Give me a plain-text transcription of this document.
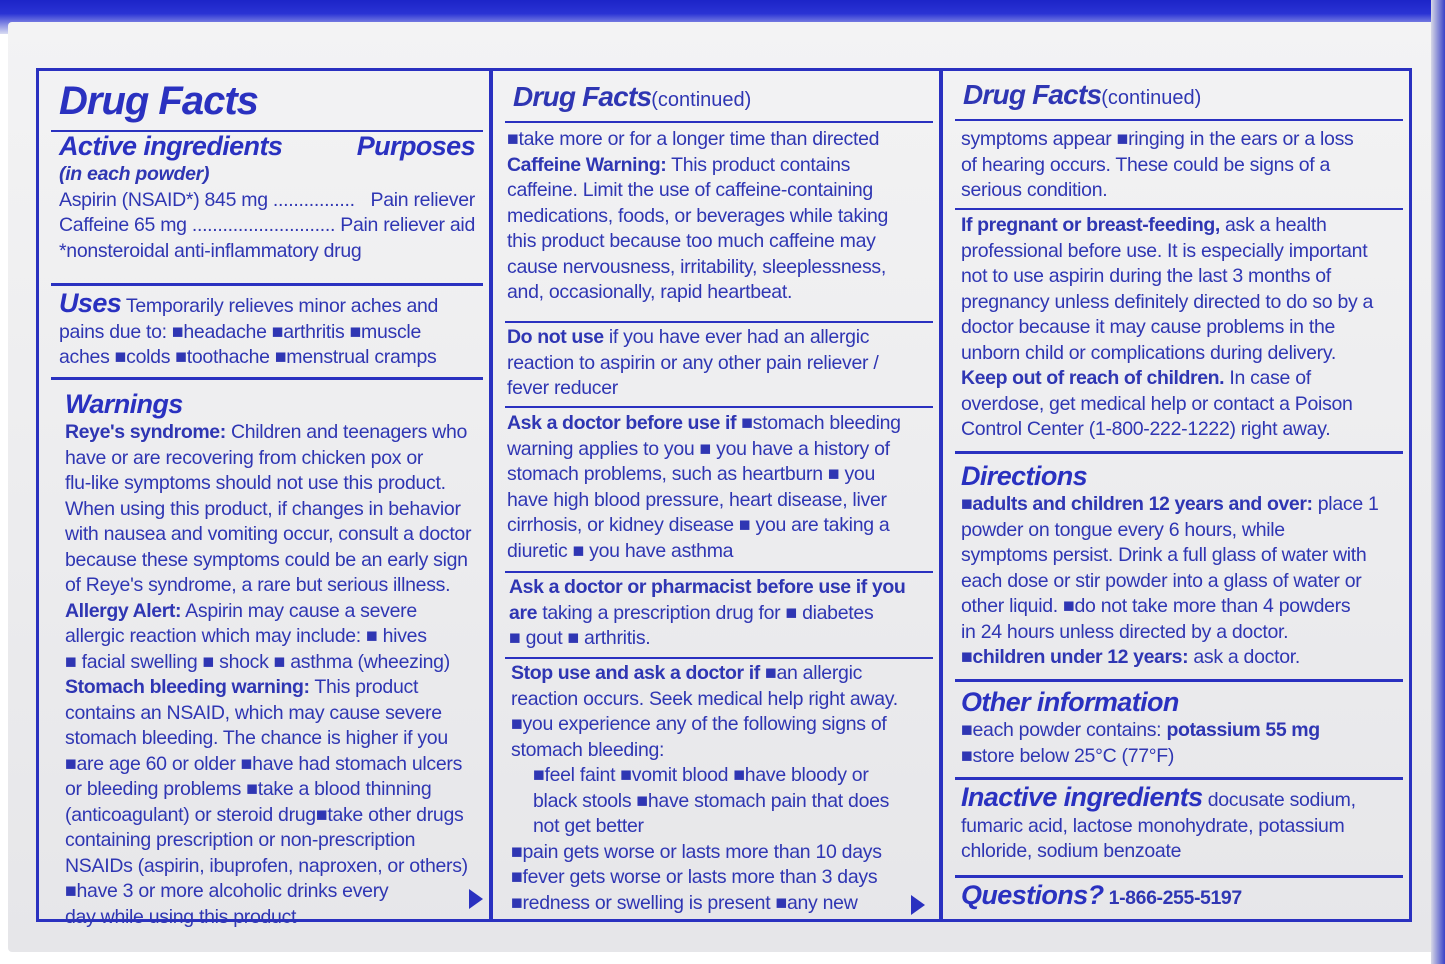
Drug Facts
Active ingredients	Purposes

(in each powder)

Aspirin (NSAID*) 845 mg ................ Pain reliever

Caffeine 65 mg ............................ Pain reliever aid

*nonsteroidal anti-inflammatory drug

Uses Temporarily relieves minor aches and

pains due to: ■headache ■arthritis ■muscle

aches ■colds ■toothache ■menstrual cramps

Warnings

Reye's syndrome: Children and teenagers who

have or are recovering from chicken pox or

flu-like symptoms should not use this product.

When using this product, if changes in behavior

with nausea and vomiting occur, consult a doctor

because these symptoms could be an early sign

of Reye's syndrome, a rare but serious illness.

Allergy Alert: Aspirin may cause a severe

allergic reaction which may include: ■ hives

■ facial swelling ■ shock ■ asthma (wheezing)

Stomach bleeding warning: This product

contains an NSAID, which may cause severe

stomach bleeding. The chance is higher if you

■are age 60 or older ■have had stomach ulcers

or bleeding problems ■take a blood thinning

(anticoagulant) or steroid drug■take other drugs

containing prescription or non-prescription

NSAIDs (aspirin, ibuprofen, naproxen, or others)

■have 3 or more alcoholic drinks every

day while using this product

Drug Facts(continued)

■take more or for a longer time than directed

Caffeine Warning: This product contains

caffeine. Limit the use of caffeine-containing

medications, foods, or beverages while taking

this product because too much caffeine may

cause nervousness, irritability, sleeplessness,

and, occasionally, rapid heartbeat.

Do not use if you have ever had an allergic

reaction to aspirin or any other pain reliever /

fever reducer

Ask a doctor before use if ■stomach bleeding

warning applies to you ■ you have a history of

stomach problems, such as heartburn ■ you

have high blood pressure, heart disease, liver

cirrhosis, or kidney disease ■ you are taking a

diuretic ■ you have asthma

Ask a doctor or pharmacist before use if you

are taking a prescription drug for ■ diabetes

■ gout ■ arthritis.

Stop use and ask a doctor if ■an allergic

reaction occurs. Seek medical help right away.

■you experience any of the following signs of

stomach bleeding:

■feel faint ■vomit blood ■have bloody or

black stools ■have stomach pain that does

not get better

■pain gets worse or lasts more than 10 days

■fever gets worse or lasts more than 3 days

■redness or swelling is present ■any new

Drug Facts(continued)

symptoms appear ■ringing in the ears or a loss

of hearing occurs. These could be signs of a

serious condition.

If pregnant or breast-feeding, ask a health

professional before use. It is especially important

not to use aspirin during the last 3 months of

pregnancy unless definitely directed to do so by a

doctor because it may cause problems in the

unborn child or complications during delivery.

Keep out of reach of children. In case of

overdose, get medical help or contact a Poison

Control Center (1-800-222-1222) right away.

Directions

■adults and children 12 years and over: place 1

powder on tongue every 6 hours, while

symptoms persist. Drink a full glass of water with

each dose or stir powder into a glass of water or

other liquid. ■do not take more than 4 powders

in 24 hours unless directed by a doctor.

■children under 12 years: ask a doctor.

Other information

■each powder contains: potassium 55 mg

■store below 25°C (77°F)

Inactive ingredients docusate sodium,

fumaric acid, lactose monohydrate, potassium

chloride, sodium benzoate

Questions? 1-866-255-5197
